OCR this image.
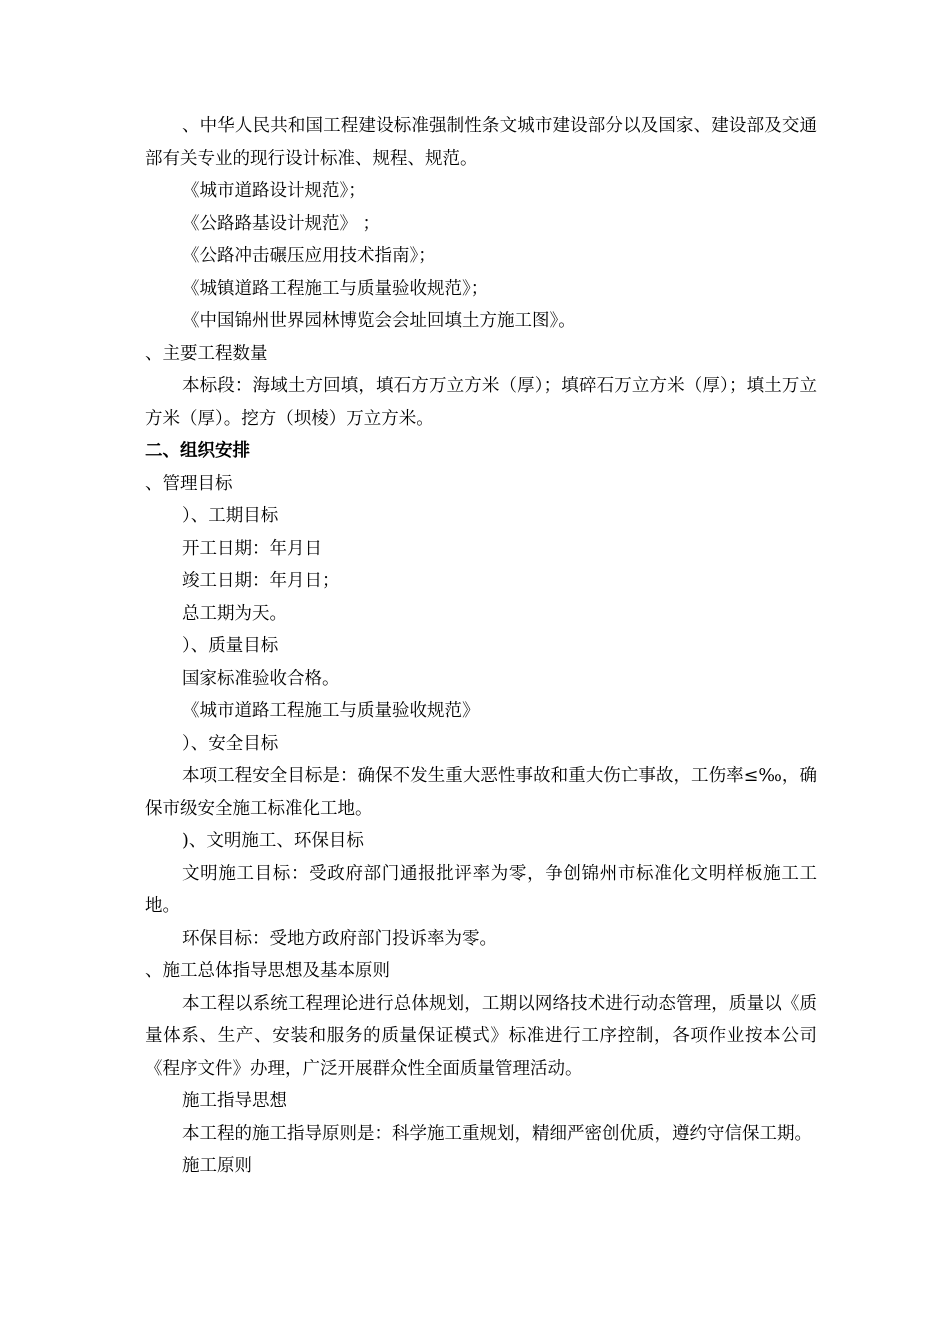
、中华人民共和国工程建设标准强制性条文城市建设部分以及国家、建设部及交通部有关专业的现行设计标准、规程、规范。

《城市道路设计规范》；

《公路路基设计规范》 ；

《公路冲击碾压应用技术指南》；

《城镇道路工程施工与质量验收规范》；

《中国锦州世界园林博览会会址回填土方施工图》。

、主要工程数量

本标段：海域土方回填，填石方万立方米（厚）；填碎石万立方米（厚）；填土万立方米（厚）。挖方（坝棱）万立方米。

二、组织安排

、管理目标

）、工期目标

开工日期：年月日

竣工日期：年月日；

总工期为天。

）、质量目标

国家标准验收合格。

《城市道路工程施工与质量验收规范》

）、安全目标

本项工程安全目标是：确保不发生重大恶性事故和重大伤亡事故，工伤率≤‰，确保市级安全施工标准化工地。

)、文明施工、环保目标

文明施工目标：受政府部门通报批评率为零，争创锦州市标准化文明样板施工工地。

环保目标：受地方政府部门投诉率为零。

、施工总体指导思想及基本原则

本工程以系统工程理论进行总体规划，工期以网络技术进行动态管理，质量以《质量体系、生产、安装和服务的质量保证模式》标准进行工序控制，各项作业按本公司《程序文件》办理，广泛开展群众性全面质量管理活动。

施工指导思想

本工程的施工指导原则是：科学施工重规划，精细严密创优质，遵约守信保工期。

施工原则
